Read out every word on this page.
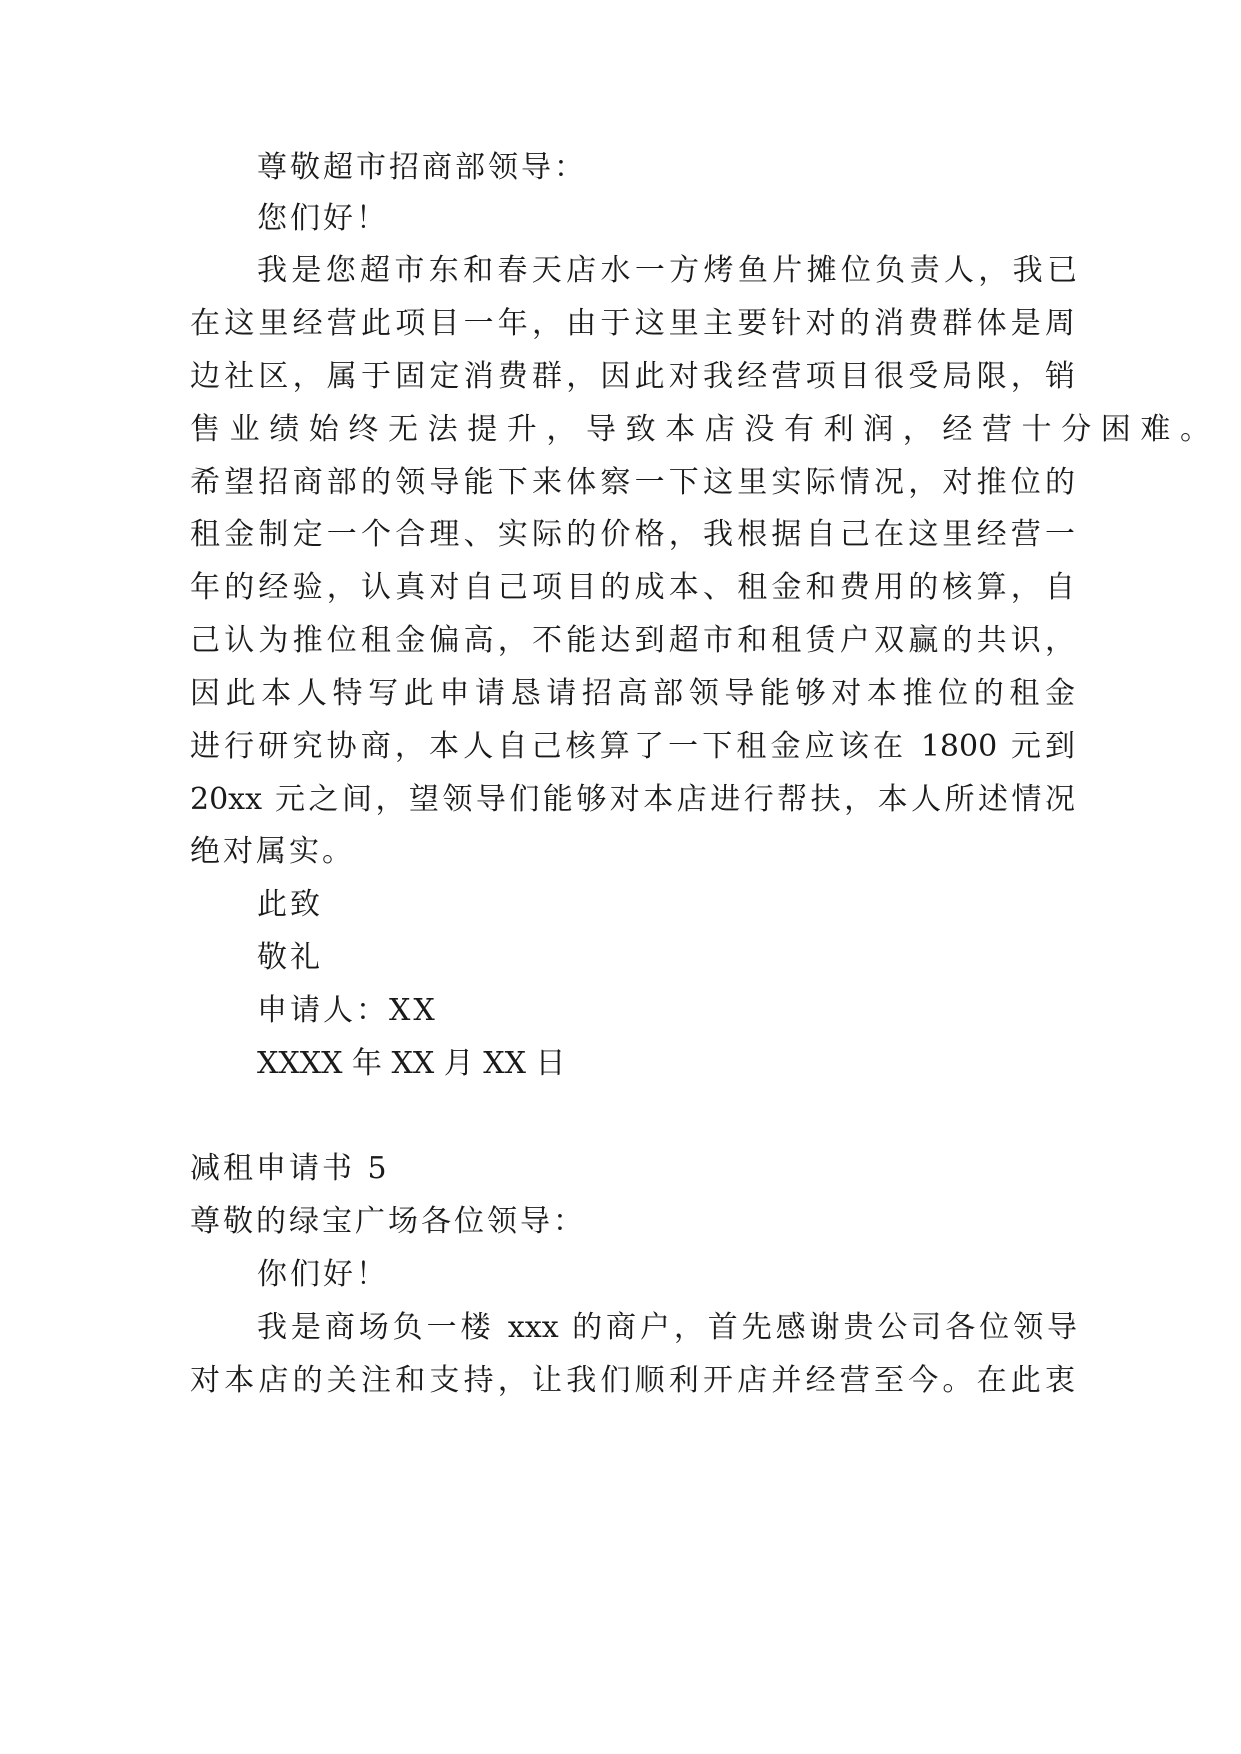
尊敬超市招商部领导：
您们好！
我是您超市东和春天店水一方烤鱼片摊位负责人，我已
在这里经营此项目一年，由于这里主要针对的消费群体是周
边社区，属于固定消费群，因此对我经营项目很受局限，销
售业绩始终无法提升，导致本店没有利润，经营十分困难。
希望招商部的领导能下来体察一下这里实际情况，对推位的
租金制定一个合理、实际的价格，我根据自己在这里经营一
年的经验，认真对自己项目的成本、租金和费用的核算，自
己认为推位租金偏高，不能达到超市和租赁户双赢的共识，
因此本人特写此申请恳请招高部领导能够对本推位的租金
进行研究协商，本人自己核算了一下租金应该在 1800 元到
20xx 元之间，望领导们能够对本店进行帮扶，本人所述情况
绝对属实。
此致
敬礼
申请人：XX
XXXX 年 XX 月 XX 日
减租申请书 5
尊敬的绿宝广场各位领导：
你们好！
我是商场负一楼 xxx 的商户，首先感谢贵公司各位领导
对本店的关注和支持，让我们顺利开店并经营至今。在此衷
